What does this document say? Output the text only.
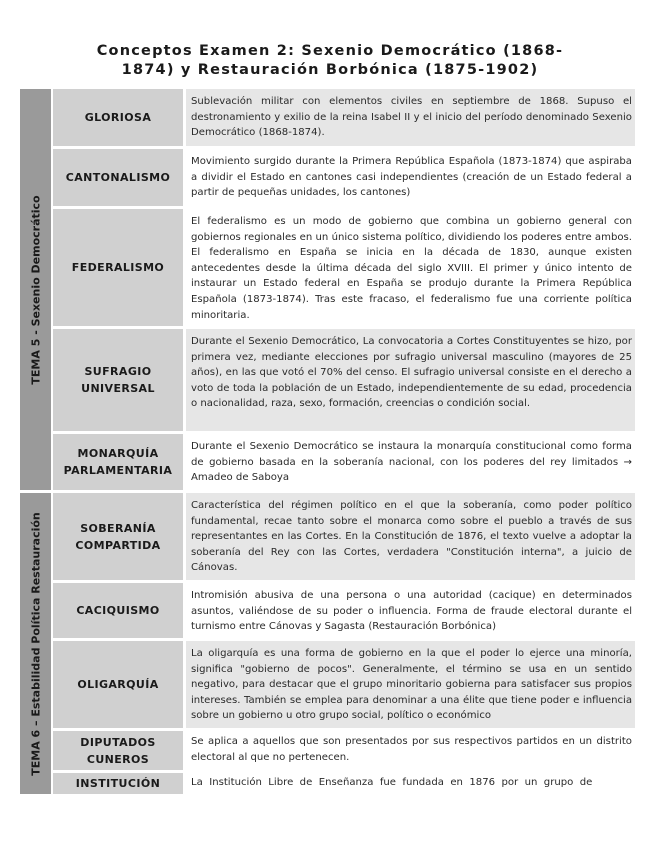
Conceptos Examen 2: Sexenio Democrático (1868-
1874) y Restauración Borbónica (1875-1902)
TEMA 5 - Sexenio Democrático
TEMA 6 – Estabilidad Política Restauración
GLORIOSA
Sublevación militar con elementos civiles en septiembre de 1868. Supuso el destronamiento y exilio de la reina Isabel II y el inicio del período denominado Sexenio Democrático (1868-1874).
CANTONALISMO
Movimiento surgido durante la Primera República Española (1873-1874) que aspiraba a dividir el Estado en cantones casi independientes (creación de un Estado federal a partir de pequeñas unidades, los cantones)
FEDERALISMO
El federalismo es un modo de gobierno que combina un gobierno general con gobiernos regionales en un único sistema político, dividiendo los poderes entre ambos. El federalismo en España se inicia en la década de 1830, aunque existen antecedentes desde la última década del siglo XVIII. El primer y único intento de instaurar un Estado federal en España se produjo durante la Primera República Española (1873-1874). Tras este fracaso, el federalismo fue una corriente política minoritaria.
SUFRAGIO UNIVERSAL
Durante el Sexenio Democrático, La convocatoria a Cortes Constituyentes se hizo, por primera vez, mediante elecciones por sufragio universal masculino (mayores de 25 años), en las que votó el 70% del censo. El sufragio universal consiste en el derecho a voto de toda la población de un Estado, independientemente de su edad, procedencia o nacionalidad, raza, sexo, formación, creencias o condición social.
MONARQUÍA PARLAMENTARIA
Durante el Sexenio Democrático se instaura la monarquía constitucional como forma de gobierno basada en la soberanía nacional, con los poderes del rey limitados → Amadeo de Saboya
SOBERANÍA COMPARTIDA
Característica del régimen político en el que la soberanía, como poder político fundamental, recae tanto sobre el monarca como sobre el pueblo a través de sus representantes en las Cortes. En la Constitución de 1876, el texto vuelve a adoptar la soberanía del Rey con las Cortes, verdadera "Constitución interna", a juicio de Cánovas.
CACIQUISMO
Intromisión abusiva de una persona o una autoridad (cacique) en determinados asuntos, valiéndose de su poder o influencia. Forma de fraude electoral durante el turnismo entre Cánovas y Sagasta (Restauración Borbónica)
OLIGARQUÍA
La oligarquía es una forma de gobierno en la que el poder lo ejerce una minoría, significa "gobierno de pocos". Generalmente, el término se usa en un sentido negativo, para destacar que el grupo minoritario gobierna para satisfacer sus propios intereses. También se emplea para denominar a una élite que tiene poder e influencia sobre un gobierno u otro grupo social, político o económico
DIPUTADOS CUNEROS
Se aplica a aquellos que son presentados por sus respectivos partidos en un distrito electoral al que no pertenecen.
INSTITUCIÓN	La Institución Libre de Enseñanza fue fundada en 1876 por un grupo de
